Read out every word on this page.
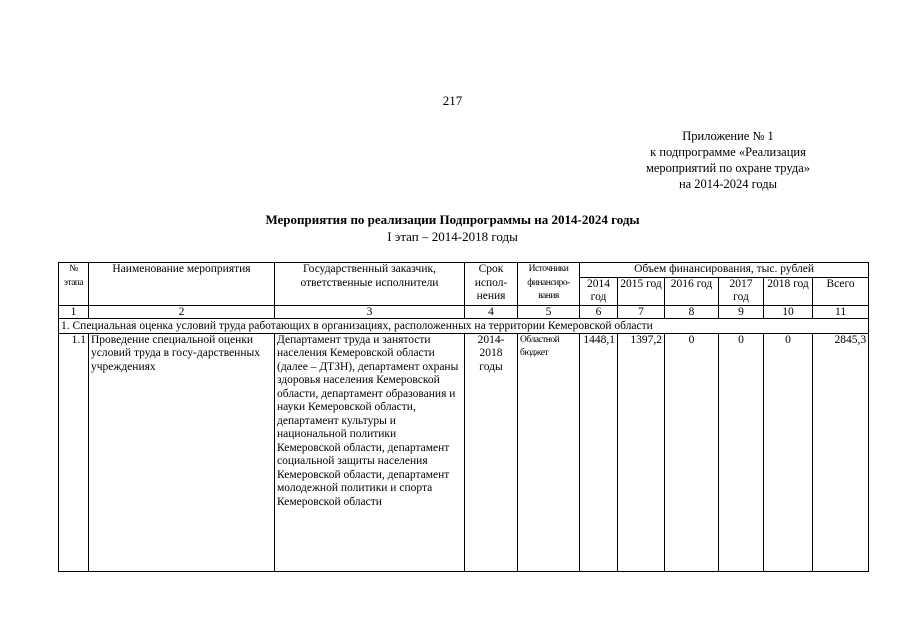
217
Приложение № 1
к подпрограмме «Реализация
мероприятий по охране труда»
на 2014-2024 годы
Мероприятия по реализации Подпрограммы на 2014-2024 годы
I этап – 2014-2018 годы
№ этапа	Наименование мероприятия	Государственный заказчик, ответственные исполнители	Срок испол-нения	Источники финансиро-вания	Объем финансирования, тыс. рублей					
					2014 год	2015 год	2016 год	2017 год	2018 год	Всего
1	2	3	4	5	6	7	8	9	10	11
1. Специальная оценка условий труда работающих в организациях, расположенных на территории Кемеровской области										
1.1	Проведение специальной оценки условий труда в госу-дарственных учреждениях	Департамент труда и занятости населения Кемеровской области (далее – ДТЗН), департамент охраны здоровья населения Кемеровской области, департамент образования и науки Кемеровской области, департамент культуры и национальной политики Кемеровской области, департамент социальной защиты населения Кемеровской области, департамент молодежной политики и спорта Кемеровской области	2014-2018 годы	Областной бюджет	1448,1	1397,2	0	0	0	2845,3
